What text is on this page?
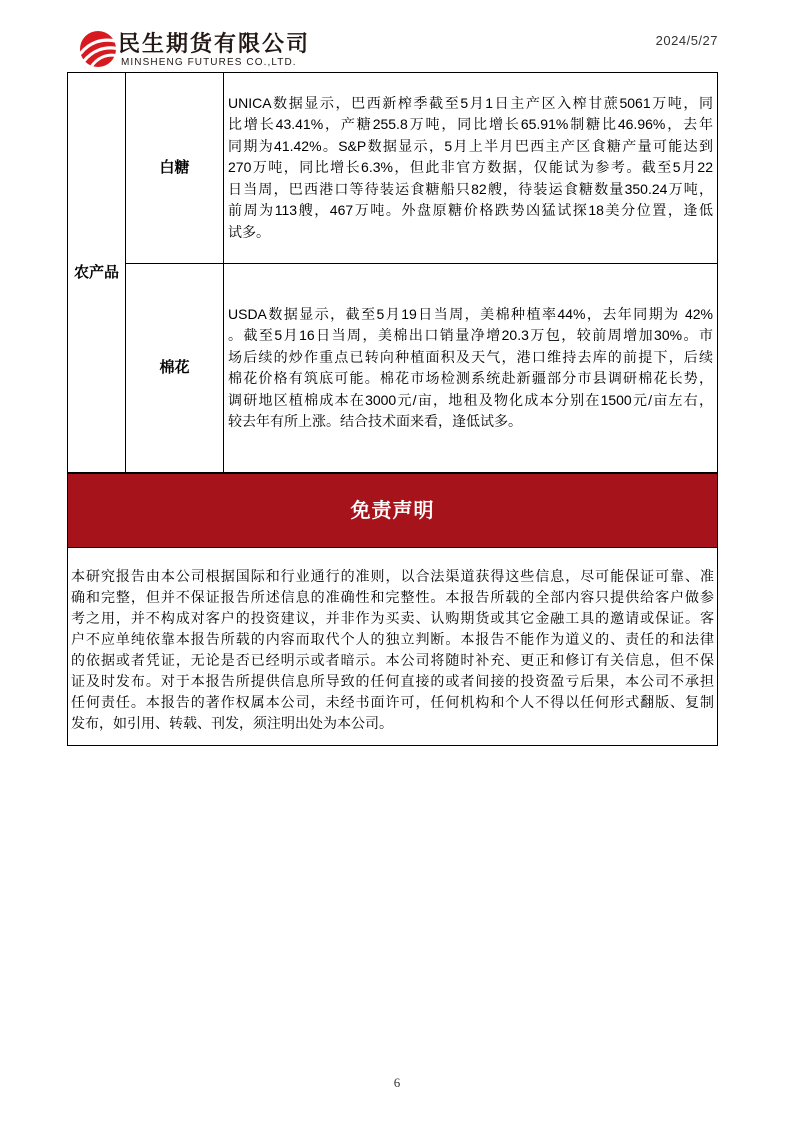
民生期货有限公司
MINSHENG FUTURES CO.,LTD.
2024/5/27
农产品
白糖
UNICA数据显示，巴西新榨季截至5月1日主产区入榨甘蔗5061万吨，同
比增长43.41%，产糖255.8万吨，同比增长65.91%制糖比46.96%，去年
同期为41.42%。S&P数据显示，5月上半月巴西主产区食糖产量可能达到
270万吨，同比增长6.3%，但此非官方数据，仅能试为参考。截至5月22
日当周，巴西港口等待装运食糖船只82艘，待装运食糖数量350.24万吨，
前周为113艘，467万吨。外盘原糖价格跌势凶猛试探18美分位置，逢低
试多。
棉花
USDA数据显示，截至5月19日当周，美棉种植率44%，去年同期为 42%
。截至5月16日当周，美棉出口销量净增20.3万包，较前周增加30%。市
场后续的炒作重点已转向种植面积及天气，港口维持去库的前提下，后续
棉花价格有筑底可能。棉花市场检测系统赴新疆部分市县调研棉花长势，
调研地区植棉成本在3000元/亩，地租及物化成本分别在1500元/亩左右，
较去年有所上涨。结合技术面来看，逢低试多。
免责声明
本研究报告由本公司根据国际和行业通行的准则，以合法渠道获得这些信息，尽可能保证可靠、准
确和完整，但并不保证报告所述信息的准确性和完整性。本报告所载的全部内容只提供给客户做参
考之用，并不构成对客户的投资建议，并非作为买卖、认购期货或其它金融工具的邀请或保证。客
户不应单纯依靠本报告所载的内容而取代个人的独立判断。本报告不能作为道义的、责任的和法律
的依据或者凭证，无论是否已经明示或者暗示。本公司将随时补充、更正和修订有关信息，但不保
证及时发布。对于本报告所提供信息所导致的任何直接的或者间接的投资盈亏后果，本公司不承担
任何责任。本报告的著作权属本公司，未经书面许可，任何机构和个人不得以任何形式翻版、复制
发布，如引用、转载、刊发，须注明出处为本公司。
6
